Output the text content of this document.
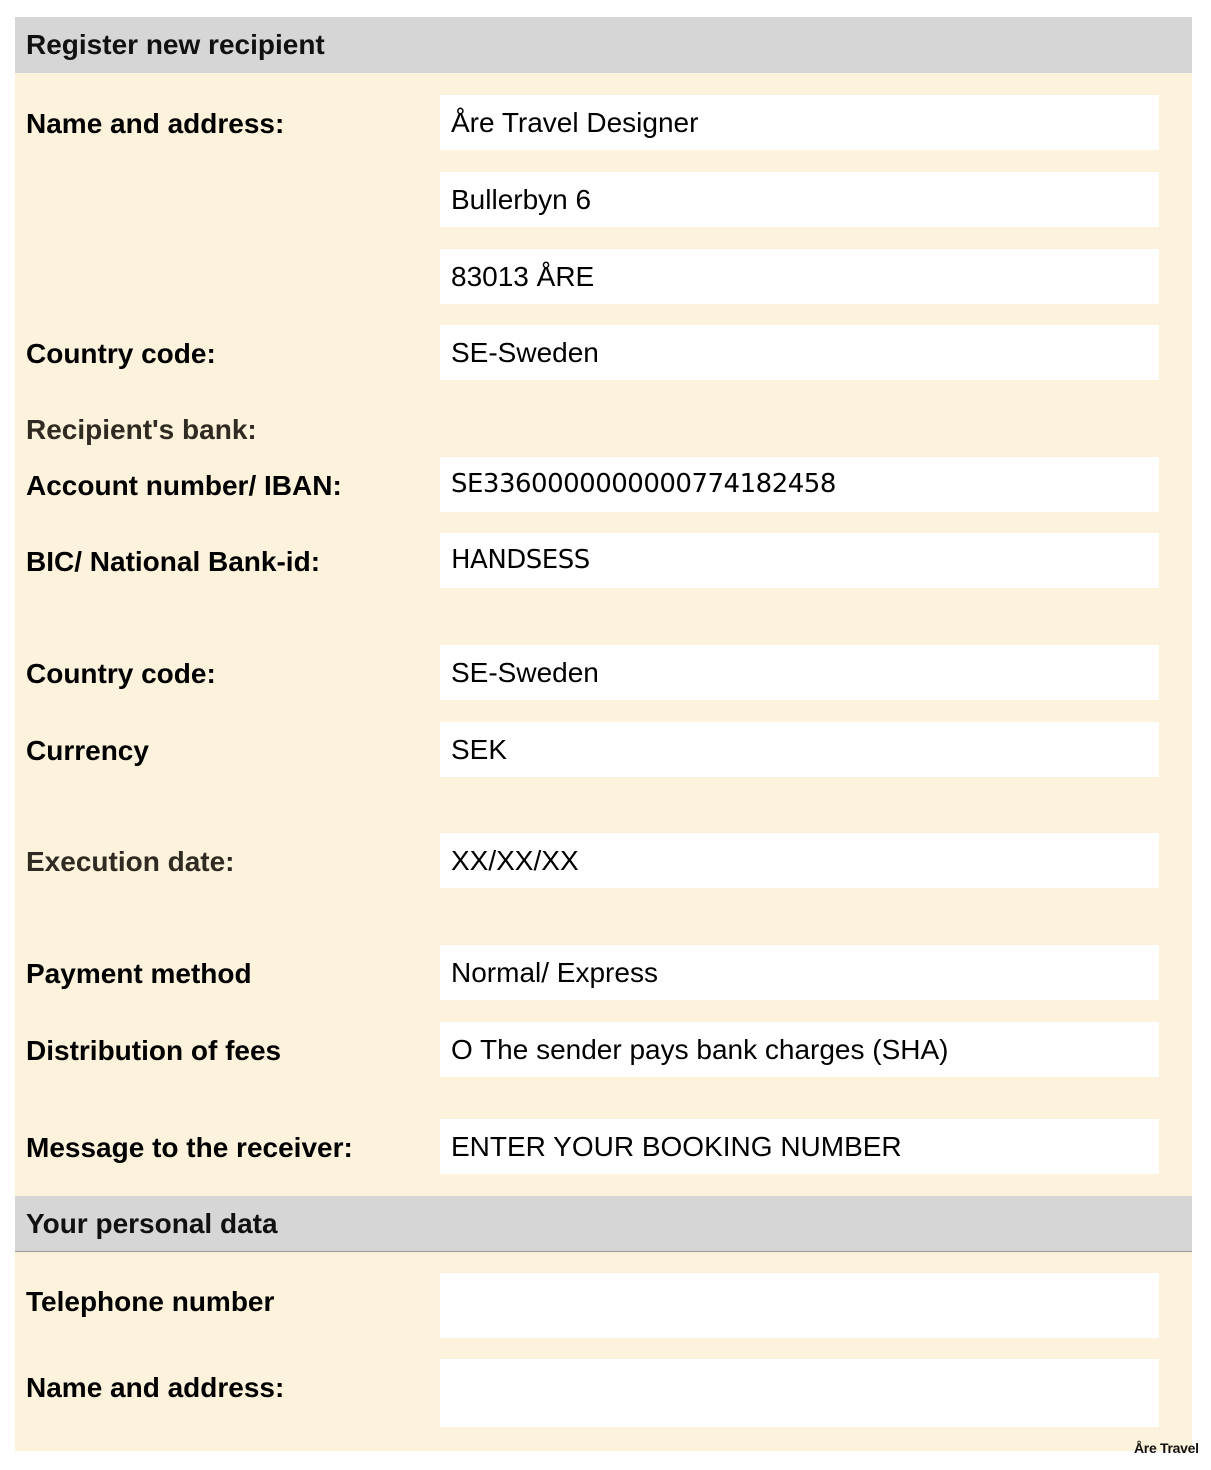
Register new recipient
Name and address:	Åre Travel Designer
Bullerbyn 6
83013 ÅRE
Country code:	SE-Sweden
Recipient's bank:
Account number/ IBAN:	SE3360000000000774182458
BIC/ National Bank-id:	HANDSESS
Country code:	SE-Sweden
Currency	SEK
Execution date:	XX/XX/XX
Payment method	Normal/ Express
Distribution of fees	O The sender pays bank charges (SHA)
Message to the receiver:	ENTER YOUR BOOKING NUMBER
Your personal data
Telephone number
Name and address:
Åre Travel
